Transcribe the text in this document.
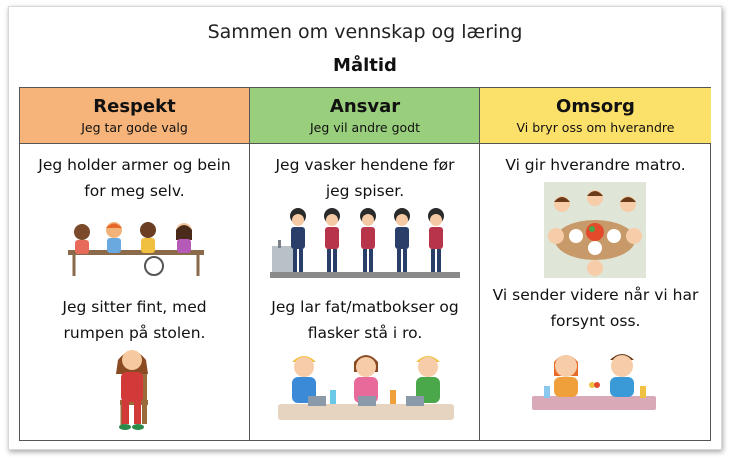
Sammen om vennskap og læring
Måltid
Respekt
Jeg tar gode valg
Jeg holder armer og bein for meg selv.
Jeg sitter fint, med rumpen på stolen.
Ansvar
Jeg vil andre godt
Jeg vasker hendene før jeg spiser.
Jeg lar fat/matbokser og flasker stå i ro.
Omsorg
Vi bryr oss om hverandre
Vi gir hverandre matro.
Vi sender videre når vi har forsynt oss.
